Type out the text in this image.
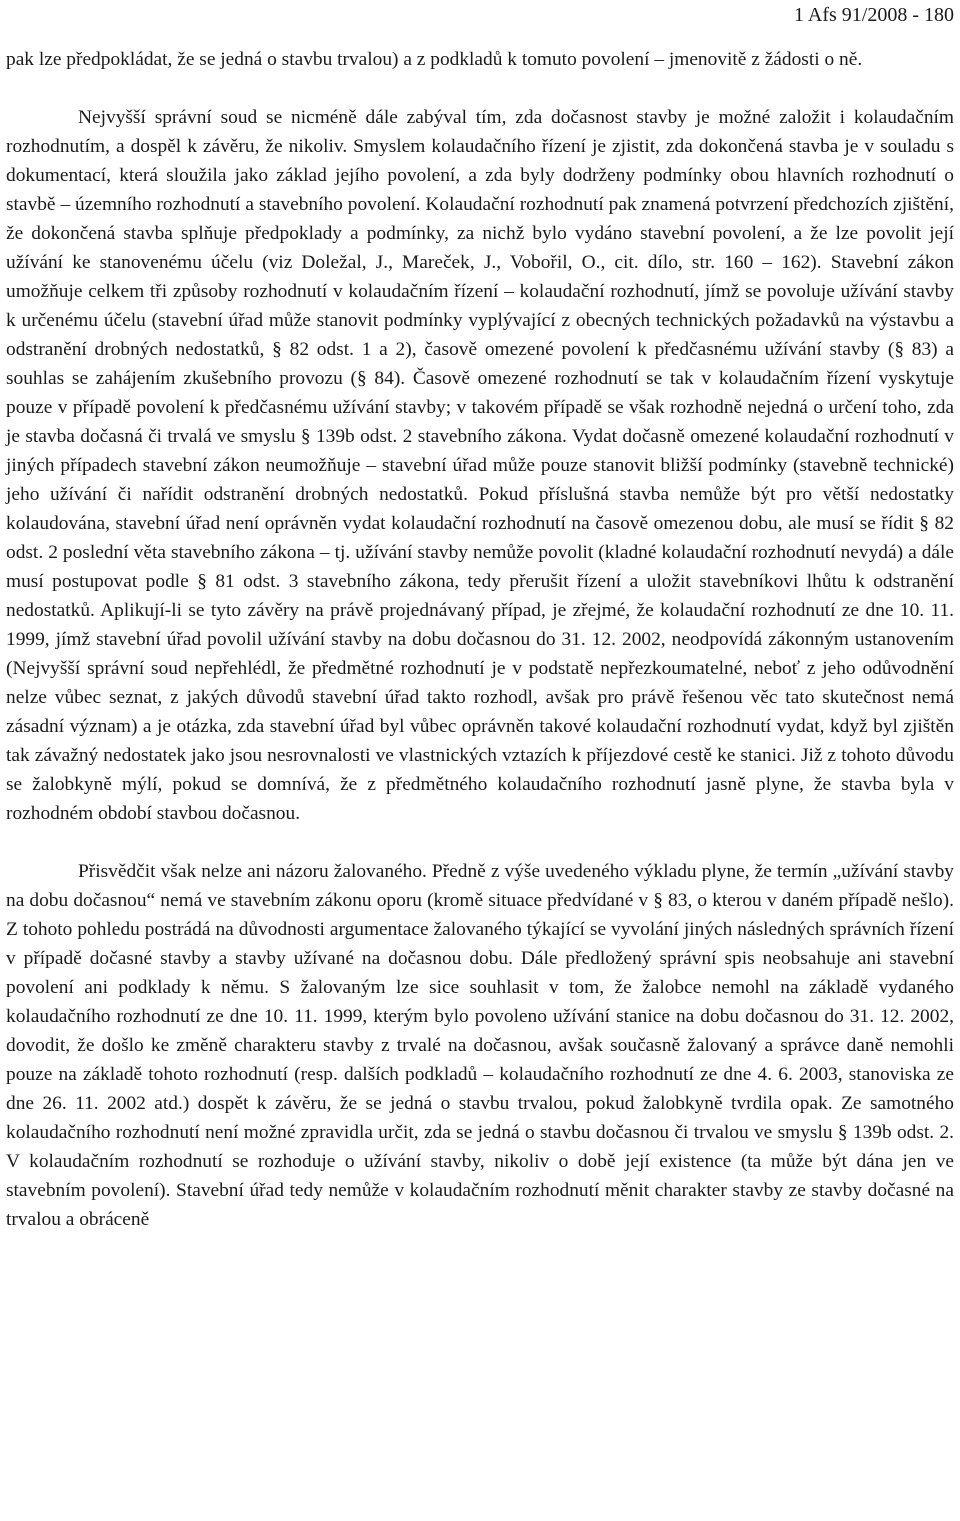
1 Afs 91/2008 - 180

pak lze předpokládat, že se jedná o stavbu trvalou) a z podkladů k tomuto povolení – jmenovitě z žádosti o ně.

Nejvyšší správní soud se nicméně dále zabýval tím, zda dočasnost stavby je možné založit i kolaudačním rozhodnutím, a dospěl k závěru, že nikoliv. Smyslem kolaudačního řízení je zjistit, zda dokončená stavba je v souladu s dokumentací, která sloužila jako základ jejího povolení, a zda byly dodrženy podmínky obou hlavních rozhodnutí o stavbě – územního rozhodnutí a stavebního povolení. Kolaudační rozhodnutí pak znamená potvrzení předchozích zjištění, že dokončená stavba splňuje předpoklady a podmínky, za nichž bylo vydáno stavební povolení, a že lze povolit její užívání ke stanovenému účelu (viz Doležal, J., Mareček, J., Vobořil, O., cit. dílo, str. 160 – 162). Stavební zákon umožňuje celkem tři způsoby rozhodnutí v kolaudačním řízení – kolaudační rozhodnutí, jímž se povoluje užívání stavby k určenému účelu (stavební úřad může stanovit podmínky vyplývající z obecných technických požadavků na výstavbu a odstranění drobných nedostatků, § 82 odst. 1 a 2), časově omezené povolení k předčasnému užívání stavby (§ 83) a souhlas se zahájením zkušebního provozu (§ 84). Časově omezené rozhodnutí se tak v kolaudačním řízení vyskytuje pouze v případě povolení k předčasnému užívání stavby; v takovém případě se však rozhodně nejedná o určení toho, zda je stavba dočasná či trvalá ve smyslu § 139b odst. 2 stavebního zákona. Vydat dočasně omezené kolaudační rozhodnutí v jiných případech stavební zákon neumožňuje – stavební úřad může pouze stanovit bližší podmínky (stavebně technické) jeho užívání či nařídit odstranění drobných nedostatků. Pokud příslušná stavba nemůže být pro větší nedostatky kolaudována, stavební úřad není oprávněn vydat kolaudační rozhodnutí na časově omezenou dobu, ale musí se řídit § 82 odst. 2 poslední věta stavebního zákona – tj. užívání stavby nemůže povolit (kladné kolaudační rozhodnutí nevydá) a dále musí postupovat podle § 81 odst. 3 stavebního zákona, tedy přerušit řízení a uložit stavebníkovi lhůtu k odstranění nedostatků. Aplikují-li se tyto závěry na právě projednávaný případ, je zřejmé, že kolaudační rozhodnutí ze dne 10. 11. 1999, jímž stavební úřad povolil užívání stavby na dobu dočasnou do 31. 12. 2002, neodpovídá zákonným ustanovením (Nejvyšší správní soud nepřehlédl, že předmětné rozhodnutí je v podstatě nepřezkoumatelné, neboť z jeho odůvodnění nelze vůbec seznat, z jakých důvodů stavební úřad takto rozhodl, avšak pro právě řešenou věc tato skutečnost nemá zásadní význam) a je otázka, zda stavební úřad byl vůbec oprávněn takové kolaudační rozhodnutí vydat, když byl zjištěn tak závažný nedostatek jako jsou nesrovnalosti ve vlastnických vztazích k příjezdové cestě ke stanici. Již z tohoto důvodu se žalobkyně mýlí, pokud se domnívá, že z předmětného kolaudačního rozhodnutí jasně plyne, že stavba byla v rozhodném období stavbou dočasnou.

Přisvědčit však nelze ani názoru žalovaného. Předně z výše uvedeného výkladu plyne, že termín „užívání stavby na dobu dočasnou“ nemá ve stavebním zákonu oporu (kromě situace předvídané v § 83, o kterou v daném případě nešlo). Z tohoto pohledu postrádá na důvodnosti argumentace žalovaného týkající se vyvolání jiných následných správních řízení v případě dočasné stavby a stavby užívané na dočasnou dobu. Dále předložený správní spis neobsahuje ani stavební povolení ani podklady k němu. S žalovaným lze sice souhlasit v tom, že žalobce nemohl na základě vydaného kolaudačního rozhodnutí ze dne 10. 11. 1999, kterým bylo povoleno užívání stanice na dobu dočasnou do 31. 12. 2002, dovodit, že došlo ke změně charakteru stavby z trvalé na dočasnou, avšak současně žalovaný a správce daně nemohli pouze na základě tohoto rozhodnutí (resp. dalších podkladů – kolaudačního rozhodnutí ze dne 4. 6. 2003, stanoviska ze dne 26. 11. 2002 atd.) dospět k závěru, že se jedná o stavbu trvalou, pokud žalobkyně tvrdila opak. Ze samotného kolaudačního rozhodnutí není možné zpravidla určit, zda se jedná o stavbu dočasnou či trvalou ve smyslu § 139b odst. 2. V kolaudačním rozhodnutí se rozhoduje o užívání stavby, nikoliv o době její existence (ta může být dána jen ve stavebním povolení). Stavební úřad tedy nemůže v kolaudačním rozhodnutí měnit charakter stavby ze stavby dočasné na trvalou a obráceně
